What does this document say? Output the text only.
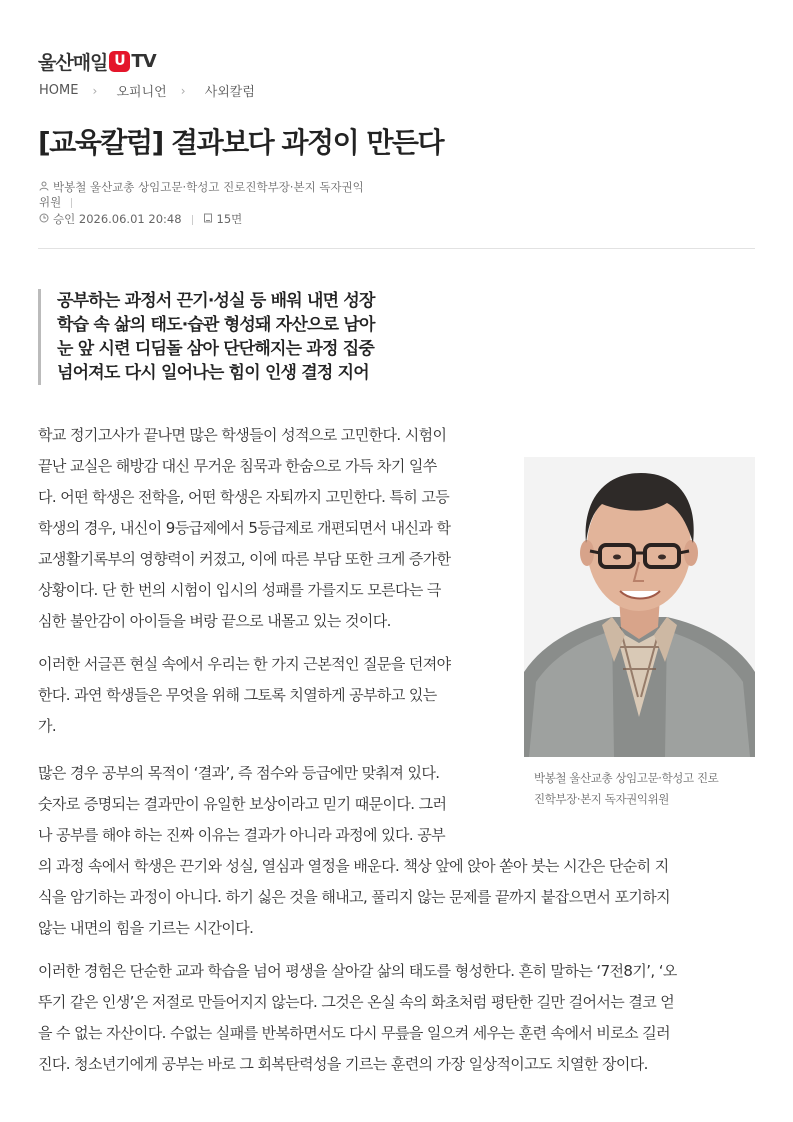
울산매일 U TV
HOME ›	오피니언 ›	사외칼럼
[교육칼럼] 결과보다 과정이 만든다
박봉철 울산교총 상임고문·학성고 진로진학부장·본지 독자권익
위원
승인 2026.06.01 20:48	15면
공부하는 과정서 끈기·성실 등 배워 내면 성장
학습 속 삶의 태도·습관 형성돼 자산으로 남아
눈 앞 시련 디딤돌 삼아 단단해지는 과정 집중
넘어져도 다시 일어나는 힘이 인생 결정 지어
학교 정기고사가 끝나면 많은 학생들이 성적으로 고민한다. 시험이
끝난 교실은 해방감 대신 무거운 침묵과 한숨으로 가득 차기 일쑤
다. 어떤 학생은 전학을, 어떤 학생은 자퇴까지 고민한다. 특히 고등
학생의 경우, 내신이 9등급제에서 5등급제로 개편되면서 내신과 학
교생활기록부의 영향력이 커졌고, 이에 따른 부담 또한 크게 증가한
상황이다. 단 한 번의 시험이 입시의 성패를 가를지도 모른다는 극
심한 불안감이 아이들을 벼랑 끝으로 내몰고 있는 것이다.
이러한 서글픈 현실 속에서 우리는 한 가지 근본적인 질문을 던져야
한다. 과연 학생들은 무엇을 위해 그토록 치열하게 공부하고 있는
가.
많은 경우 공부의 목적이 ‘결과’, 즉 점수와 등급에만 맞춰져 있다.
숫자로 증명되는 결과만이 유일한 보상이라고 믿기 때문이다. 그러
나 공부를 해야 하는 진짜 이유는 결과가 아니라 과정에 있다. 공부
의 과정 속에서 학생은 끈기와 성실, 열심과 열정을 배운다. 책상 앞에 앉아 쏟아 붓는 시간은 단순히 지
식을 암기하는 과정이 아니다. 하기 싫은 것을 해내고, 풀리지 않는 문제를 끝까지 붙잡으면서 포기하지
않는 내면의 힘을 기르는 시간이다.
이러한 경험은 단순한 교과 학습을 넘어 평생을 살아갈 삶의 태도를 형성한다. 흔히 말하는 ‘7전8기’, ‘오
뚜기 같은 인생’은 저절로 만들어지지 않는다. 그것은 온실 속의 화초처럼 평탄한 길만 걸어서는 결코 얻
을 수 없는 자산이다. 수없는 실패를 반복하면서도 다시 무릎을 일으켜 세우는 훈련 속에서 비로소 길러
진다. 청소년기에게 공부는 바로 그 회복탄력성을 기르는 훈련의 가장 일상적이고도 치열한 장이다.
박봉철 울산교총 상임고문·학성고 진로
진학부장·본지 독자권익위원
